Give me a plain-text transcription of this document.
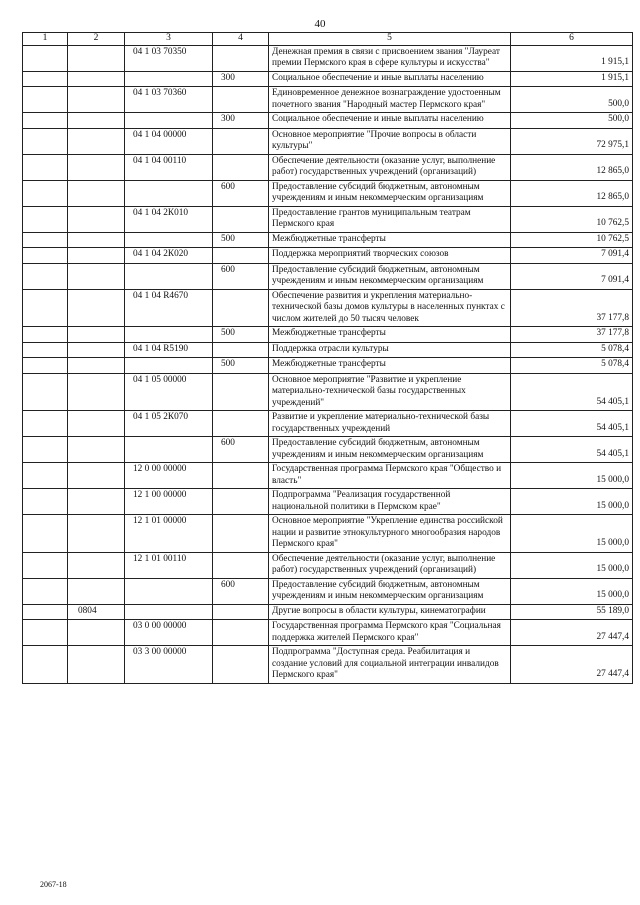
40
1	2	3	4	5	6
		04 1 03 70350		Денежная премия в связи с присвоением звания "Лауреат премии Пермского края в сфере культуры и искусства"	1 915,1
			300	Социальное обеспечение и иные выплаты населению	1 915,1
		04 1 03 70360		Единовременное денежное вознаграждение удостоенным почетного звания "Народный мастер Пермского края"	500,0
			300	Социальное обеспечение и иные выплаты населению	500,0
		04 1 04 00000		Основное мероприятие "Прочие вопросы в области культуры"	72 975,1
		04 1 04 00110		Обеспечение деятельности (оказание услуг, выполнение работ) государственных учреждений (организаций)	12 865,0
			600	Предоставление субсидий бюджетным, автономным учреждениям и иным некоммерческим организациям	12 865,0
		04 1 04 2К010		Предоставление грантов муниципальным театрам Пермского края	10 762,5
			500	Межбюджетные трансферты	10 762,5
		04 1 04 2К020		Поддержка мероприятий творческих союзов	7 091,4
			600	Предоставление субсидий бюджетным, автономным учреждениям и иным некоммерческим организациям	7 091,4
		04 1 04 R4670		Обеспечение развития и укрепления материально-технической базы домов культуры в населенных пунктах с числом жителей до 50 тысяч человек	37 177,8
			500	Межбюджетные трансферты	37 177,8
		04 1 04 R5190		Поддержка отрасли культуры	5 078,4
			500	Межбюджетные трансферты	5 078,4
		04 1 05 00000		Основное мероприятие "Развитие и укрепление материально-технической базы государственных учреждений"	54 405,1
		04 1 05 2К070		Развитие и укрепление материально-технической базы государственных учреждений	54 405,1
			600	Предоставление субсидий бюджетным, автономным учреждениям и иным некоммерческим организациям	54 405,1
		12 0 00 00000		Государственная программа Пермского края "Общество и власть"	15 000,0
		12 1 00 00000		Подпрограмма "Реализация государственной национальной политики в Пермском крае"	15 000,0
		12 1 01 00000		Основное мероприятие "Укрепление единства российской нации и развитие этнокультурного многообразия народов Пермского края"	15 000,0
		12 1 01 00110		Обеспечение деятельности (оказание услуг, выполнение работ) государственных учреждений (организаций)	15 000,0
			600	Предоставление субсидий бюджетным, автономным учреждениям и иным некоммерческим организациям	15 000,0
	0804			Другие вопросы в области культуры, кинематографии	55 189,0
		03 0 00 00000		Государственная программа Пермского края "Социальная поддержка жителей Пермского края"	27 447,4
		03 3 00 00000		Подпрограмма "Доступная среда. Реабилитация и создание условий для социальной интеграции инвалидов Пермского края"	27 447,4
2067-18
